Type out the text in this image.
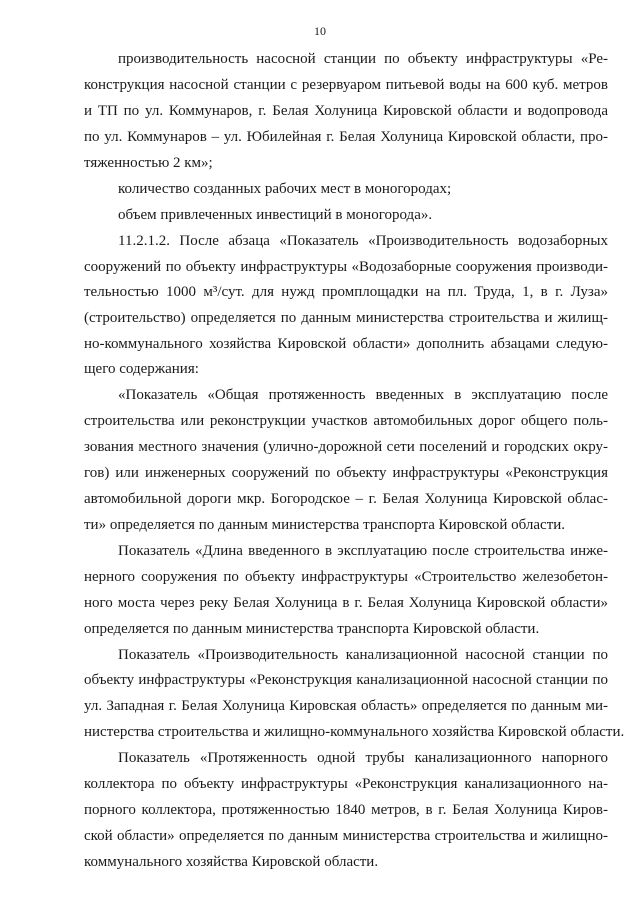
10
производительность насосной станции по объекту инфраструктуры «Ре-
конструкция насосной станции с резервуаром питьевой воды на 600 куб. метров
и ТП по ул. Коммунаров, г. Белая Холуница Кировской области и водопровода
по ул. Коммунаров – ул. Юбилейная г. Белая Холуница Кировской области, про-
тяженностью 2 км»;
количество созданных рабочих мест в моногородах;
объем привлеченных инвестиций в моногорода».
11.2.1.2. После абзаца «Показатель «Производительность водозаборных
сооружений по объекту инфраструктуры «Водозаборные сооружения производи-
тельностью 1000 м³/сут. для нужд промплощадки на пл. Труда, 1, в г. Луза»
(строительство) определяется по данным министерства строительства и жилищ-
но-коммунального хозяйства Кировской области» дополнить абзацами следую-
щего содержания:
«Показатель «Общая протяженность введенных в эксплуатацию после
строительства или реконструкции участков автомобильных дорог общего поль-
зования местного значения (улично-дорожной сети поселений и городских окру-
гов) или инженерных сооружений по объекту инфраструктуры «Реконструкция
автомобильной дороги мкр. Богородское – г. Белая Холуница Кировской облас-
ти» определяется по данным министерства транспорта Кировской области.
Показатель «Длина введенного в эксплуатацию после строительства инже-
нерного сооружения по объекту инфраструктуры «Строительство железобетон-
ного моста через реку Белая Холуница в г. Белая Холуница Кировской области»
определяется по данным министерства транспорта Кировской области.
Показатель «Производительность канализационной насосной станции по
объекту инфраструктуры «Реконструкция канализационной насосной станции по
ул. Западная г. Белая Холуница Кировская область» определяется по данным ми-
нистерства строительства и жилищно-коммунального хозяйства Кировской области.
Показатель «Протяженность одной трубы канализационного напорного
коллектора по объекту инфраструктуры «Реконструкция канализационного на-
порного коллектора, протяженностью 1840 метров, в г. Белая Холуница Киров-
ской области» определяется по данным министерства строительства и жилищно-
коммунального хозяйства Кировской области.
